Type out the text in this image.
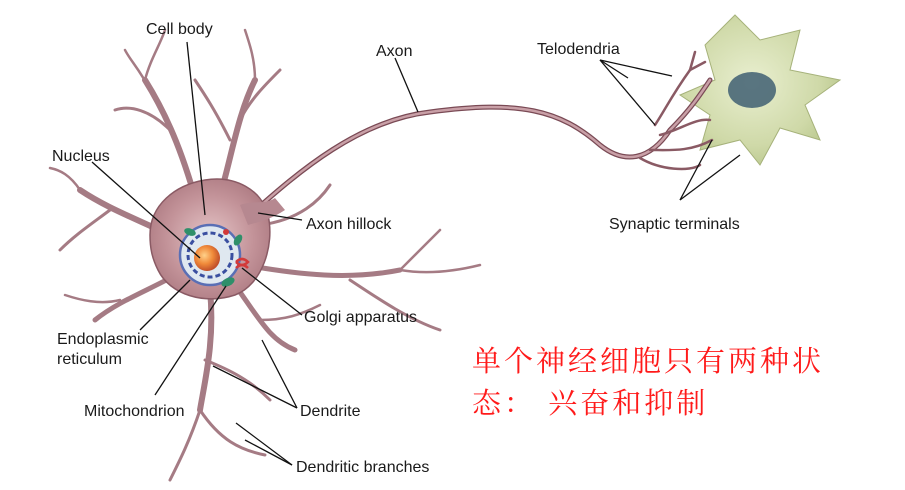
Cell body
Axon	Telodendria
Nucleus
Axon hillock	Synaptic terminals
Golgi apparatus
Endoplasmic
reticulum
Mitochondrion	Dendrite
Dendritic branches
单个神经细胞只有两种状
态： 兴奋和抑制
